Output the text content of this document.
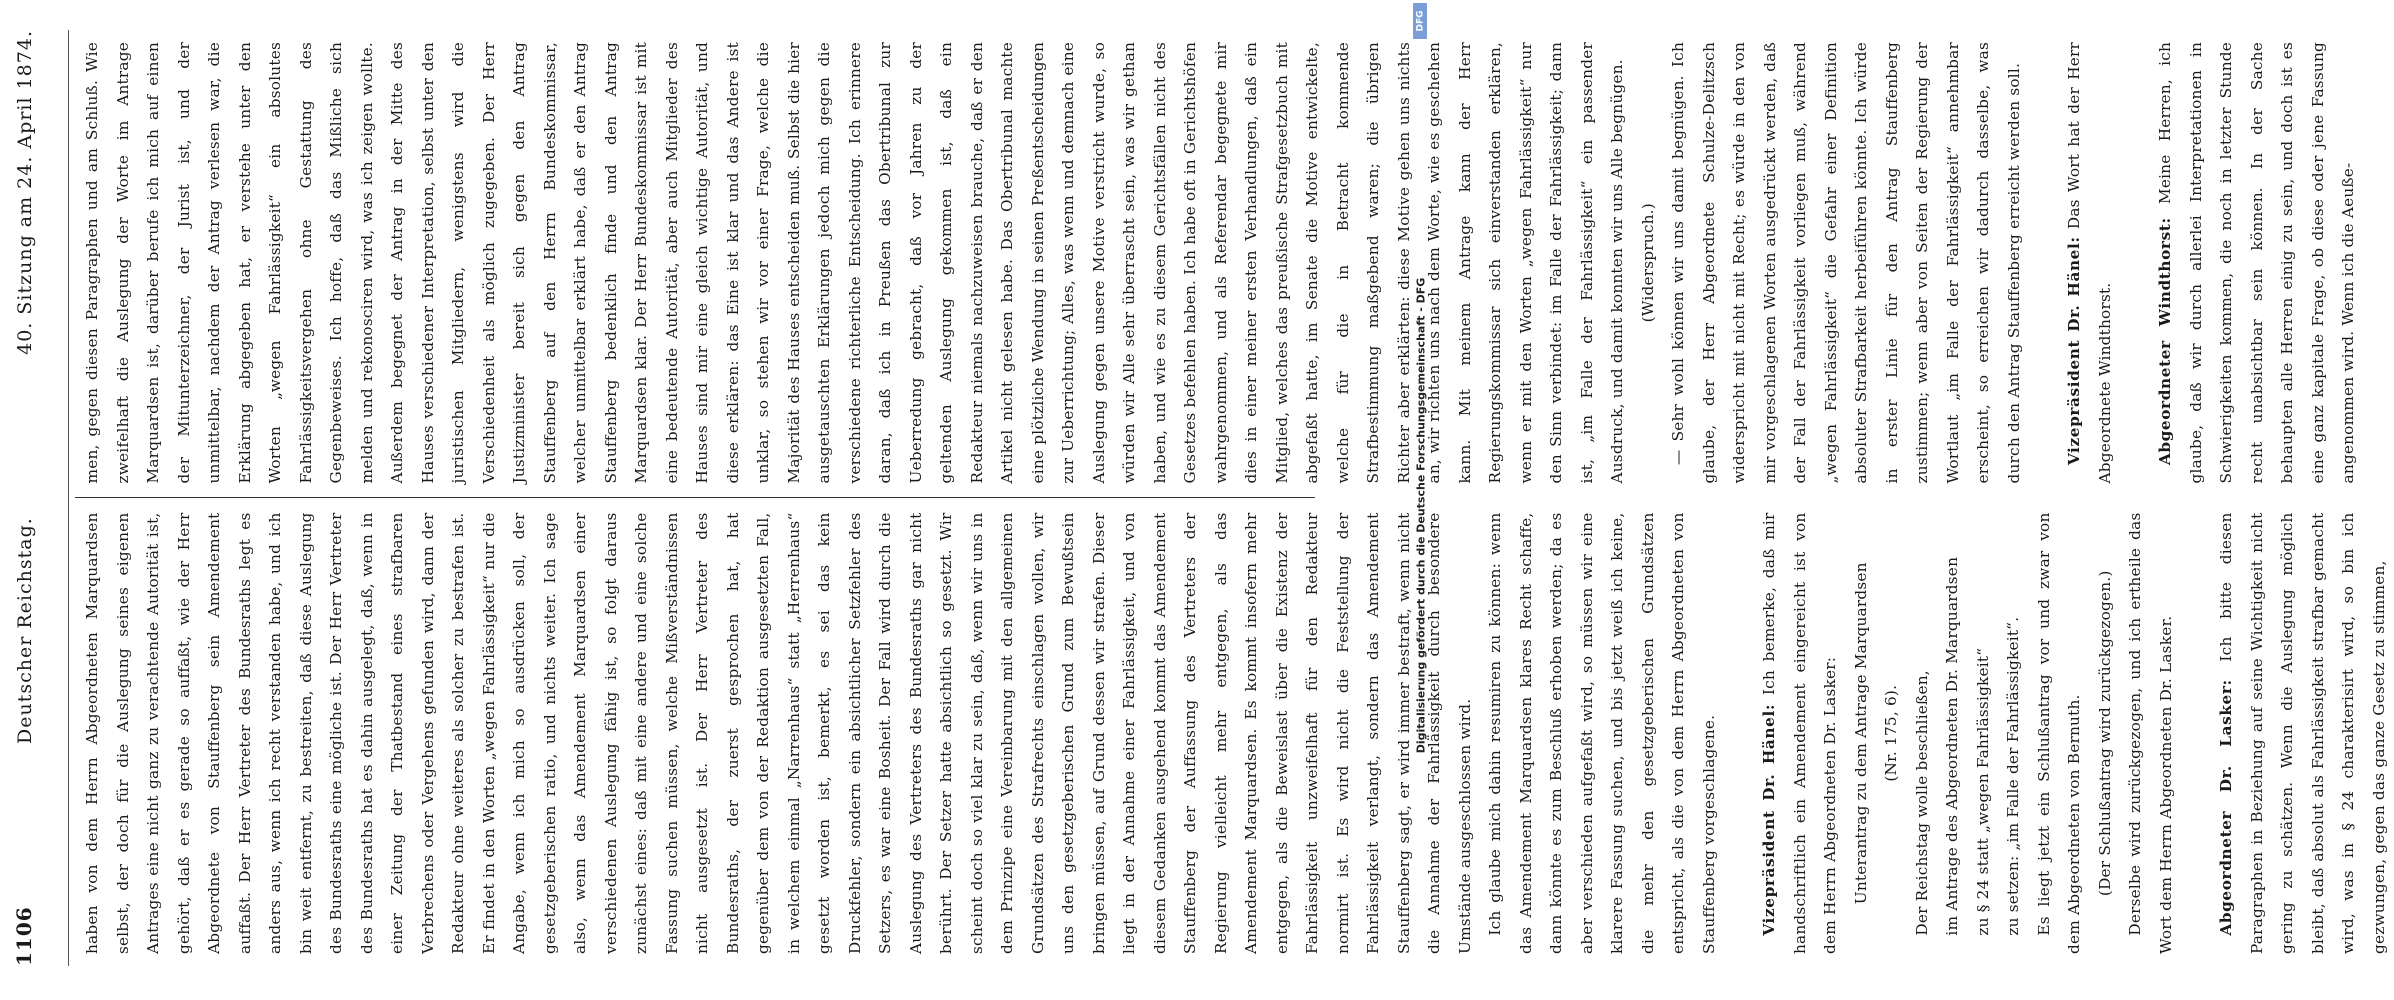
1106
Deutscher Reichstag.
40. Sitzung am 24. April 1874.

haben von dem Herrn Abgeordneten Marquardsen selbst, der doch für die Auslegung seines eigenen Antrages eine nicht ganz zu verachtende Autorität ist, gehört, daß er es gerade so auffaßt, wie der Herr Abgeordnete von Stauffenberg sein Amendement auffaßt. Der Herr Vertreter des Bundesraths legt es anders aus, wenn ich recht verstanden habe, und ich bin weit entfernt, zu bestreiten, daß diese Auslegung des Bundesraths eine mögliche ist. Der Herr Vertreter des Bundesraths hat es dahin ausgelegt, daß, wenn in einer Zeitung der Thatbestand eines strafbaren Verbrechens oder Vergehens gefunden wird, dann der Redakteur ohne weiteres als solcher zu bestrafen ist. Er findet in den Worten „wegen Fahrlässigkeit“ nur die Angabe, wenn ich mich so ausdrücken soll, der gesetzgeberischen ratio, und nichts weiter. Ich sage also, wenn das Amendement Marquardsen einer verschiedenen Auslegung fähig ist, so folgt daraus zunächst eines: daß mit eine andere und eine solche Fassung suchen müssen, welche Mißverständnissen nicht ausgesetzt ist. Der Herr Vertreter des Bundesraths, der zuerst gesprochen hat, hat gegenüber dem von der Redaktion ausgesetzten Fall, in welchem einmal „Narrenhaus“ statt „Herrenhaus“ gesetzt worden ist, bemerkt, es sei das kein Druckfehler, sondern ein absichtlicher Setzfehler des Setzers, es war eine Bosheit. Der Fall wird durch die Auslegung des Vertreters des Bundesraths gar nicht berührt. Der Setzer hatte absichtlich so gesetzt. Wir scheint doch so viel klar zu sein, daß, wenn wir uns in dem Prinzipe eine Vereinbarung mit den allgemeinen Grundsätzen des Strafrechts einschlagen wollen, wir uns den gesetzgeberischen Grund zum Bewußtsein bringen müssen, auf Grund dessen wir strafen. Dieser liegt in der Annahme einer Fahrlässigkeit, und von diesem Gedanken ausgehend kommt das Amendement Stauffenberg der Auffassung des Vertreters der Regierung vielleicht mehr entgegen, als das Amendement Marquardsen. Es kommt insofern mehr entgegen, als die Beweislast über die Existenz der Fahrlässigkeit unzweifelhaft für den Redakteur normirt ist. Es wird nicht die Feststellung der Fahrlässigkeit verlangt, sondern das Amendement Stauffenberg sagt, er wird immer bestraft, wenn nicht die Annahme der Fahrlässigkeit durch besondere Umstände ausgeschlossen wird. Ich glaube mich dahin resumiren zu können: wenn das Amendement Marquardsen klares Recht schaffe, dann könnte es zum Beschluß erhoben werden; da es aber verschieden aufgefaßt wird, so müssen wir eine klarere Fassung suchen, und bis jetzt weiß ich keine, die mehr den gesetzgeberischen Grundsätzen entspricht, als die von dem Herrn Abgeordneten von Stauffenberg vorgeschlagene.	Vizepräsident Dr. Hänel: Ich bemerke, daß mir handschriftlich ein Amendement eingereicht ist von dem Herrn Abgeordneten Dr. Lasker: Unterantrag zu dem Antrage Marquardsen (Nr. 175, 6). Der Reichstag wolle beschließen, im Antrage des Abgeordneten Dr. Marquardsen zu § 24 statt „wegen Fahrlässigkeit“ zu setzen: „im Falle der Fahrlässigkeit“. Es liegt jetzt ein Schlußantrag vor und zwar von dem Abgeordneten von Bernuth. (Der Schlußantrag wird zurückgezogen.) Derselbe wird zurückgezogen, und ich ertheile das Wort dem Herrn Abgeordneten Dr. Lasker.	Abgeordneter Dr. Lasker: Ich bitte diesen Paragraphen in Beziehung auf seine Wichtigkeit nicht gering zu schätzen. Wenn die Auslegung möglich bleibt, daß absolut als Fahrlässigkeit strafbar gemacht wird, was in § 24 charakterisirt wird, so bin ich gezwungen, gegen das ganze Gesetz zu stimmen,

men, gegen diesen Paragraphen und am Schluß. Wie zweifelhaft die Auslegung der Worte im Antrage Marquardsen ist, darüber berufe ich mich auf einen der Mitunterzeichner, der Jurist ist, und der unmittelbar, nachdem der Antrag verlesen war, die Erklärung abgegeben hat, er verstehe unter den Worten „wegen Fahrlässigkeit“ ein absolutes Fahrlässigkeitsvergehen ohne Gestattung des Gegenbeweises. Ich hoffe, daß das Mißliche sich melden und rekonosciren wird, was ich zeigen wollte. Außerdem begegnet der Antrag in der Mitte des Hauses verschiedener Interpretation, selbst unter den juristischen Mitgliedern, wenigstens wird die Verschiedenheit als möglich zugegeben. Der Herr Justizminister bereit sich gegen den Antrag Stauffenberg auf den Herrn Bundeskommissar, welcher unmittelbar erklärt habe, daß er den Antrag Stauffenberg bedenklich finde und den Antrag Marquardsen klar. Der Herr Bundeskommissar ist mit eine bedeutende Autorität, aber auch Mitglieder des Hauses sind mir eine gleich wichtige Autorität, und diese erklären: das Eine ist klar und das Andere ist unklar, so stehen wir vor einer Frage, welche die Majorität des Hauses entscheiden muß. Selbst die hier ausgetauschten Erklärungen jedoch mich gegen die verschiedene richterliche Entscheidung. Ich erinnere daran, daß ich in Preußen das Obertribunal zur Ueberredung gebracht, daß vor Jahren zu der geltenden Auslegung gekommen ist, daß ein Redakteur niemals nachzuweisen brauche, daß er den Artikel nicht gelesen habe. Das Obertribunal machte eine plötzliche Wendung in seinen Preßentscheidungen zur Ueberrichtung; Alles, was wenn und demnach eine Auslegung gegen unsere Motive verstricht wurde, so würden wir Alle sehr überrascht sein, was wir gethan haben, und wie es zu diesem Gerichtsfällen nicht des Gesetzes befehlen haben. Ich habe oft in Gerichtshöfen wahrgenommen, und als Referendar begegnete mir dies in einer meiner ersten Verhandlungen, daß ein Mitglied, welches das preußische Strafgesetzbuch mit abgefaßt hatte, im Senate die Motive entwickelte, welche für die in Betracht kommende Strafbestimmung maßgebend waren; die übrigen Richter aber erklärten: diese Motive gehen uns nichts an, wir richten uns nach dem Worte, wie es geschehen kann. Mit meinem Antrage kann der Herr Regierungskommissar sich einverstanden erklären, wenn er mit den Worten „wegen Fahrlässigkeit“ nur den Sinn verbindet: im Falle der Fahrlässigkeit; dann ist, „im Falle der Fahrlässigkeit“ ein passender Ausdruck, und damit konnten wir uns Alle begnügen. (Widerspruch.) — Sehr wohl können wir uns damit begnügen. Ich glaube, der Herr Abgeordnete Schulze-Delitzsch widerspricht mit nicht mit Recht; es würde in den von mir vorgeschlagenen Worten ausgedrückt werden, daß der Fall der Fahrlässigkeit vorliegen muß, während „wegen Fahrlässigkeit“ die Gefahr einer Definition absoluter Strafbarkeit herbeiführen könnte. Ich würde in erster Linie für den Antrag Stauffenberg zustimmen; wenn aber von Seiten der Regierung der Wortlaut „im Falle der Fahrlässigkeit“ annehmbar erscheint, so erreichen wir dadurch dasselbe, was durch den Antrag Stauffenberg erreicht werden soll.	Vizepräsident Dr. Hänel: Das Wort hat der Herr Abgeordnete Windthorst.	Abgeordneter Windthorst: Meine Herren, ich glaube, daß wir durch allerlei Interpretationen in Schwierigkeiten kommen, die noch in letzter Stunde recht unabsichtbar sein können. In der Sache behaupten alle Herren einig zu sein, und doch ist es eine ganz kapitale Frage, ob diese oder jene Fassung angenommen wird. Wenn ich die Aeuße-

DFG
Digitalisierung gefördert durch die Deutsche Forschungsgemeinschaft - DFG
